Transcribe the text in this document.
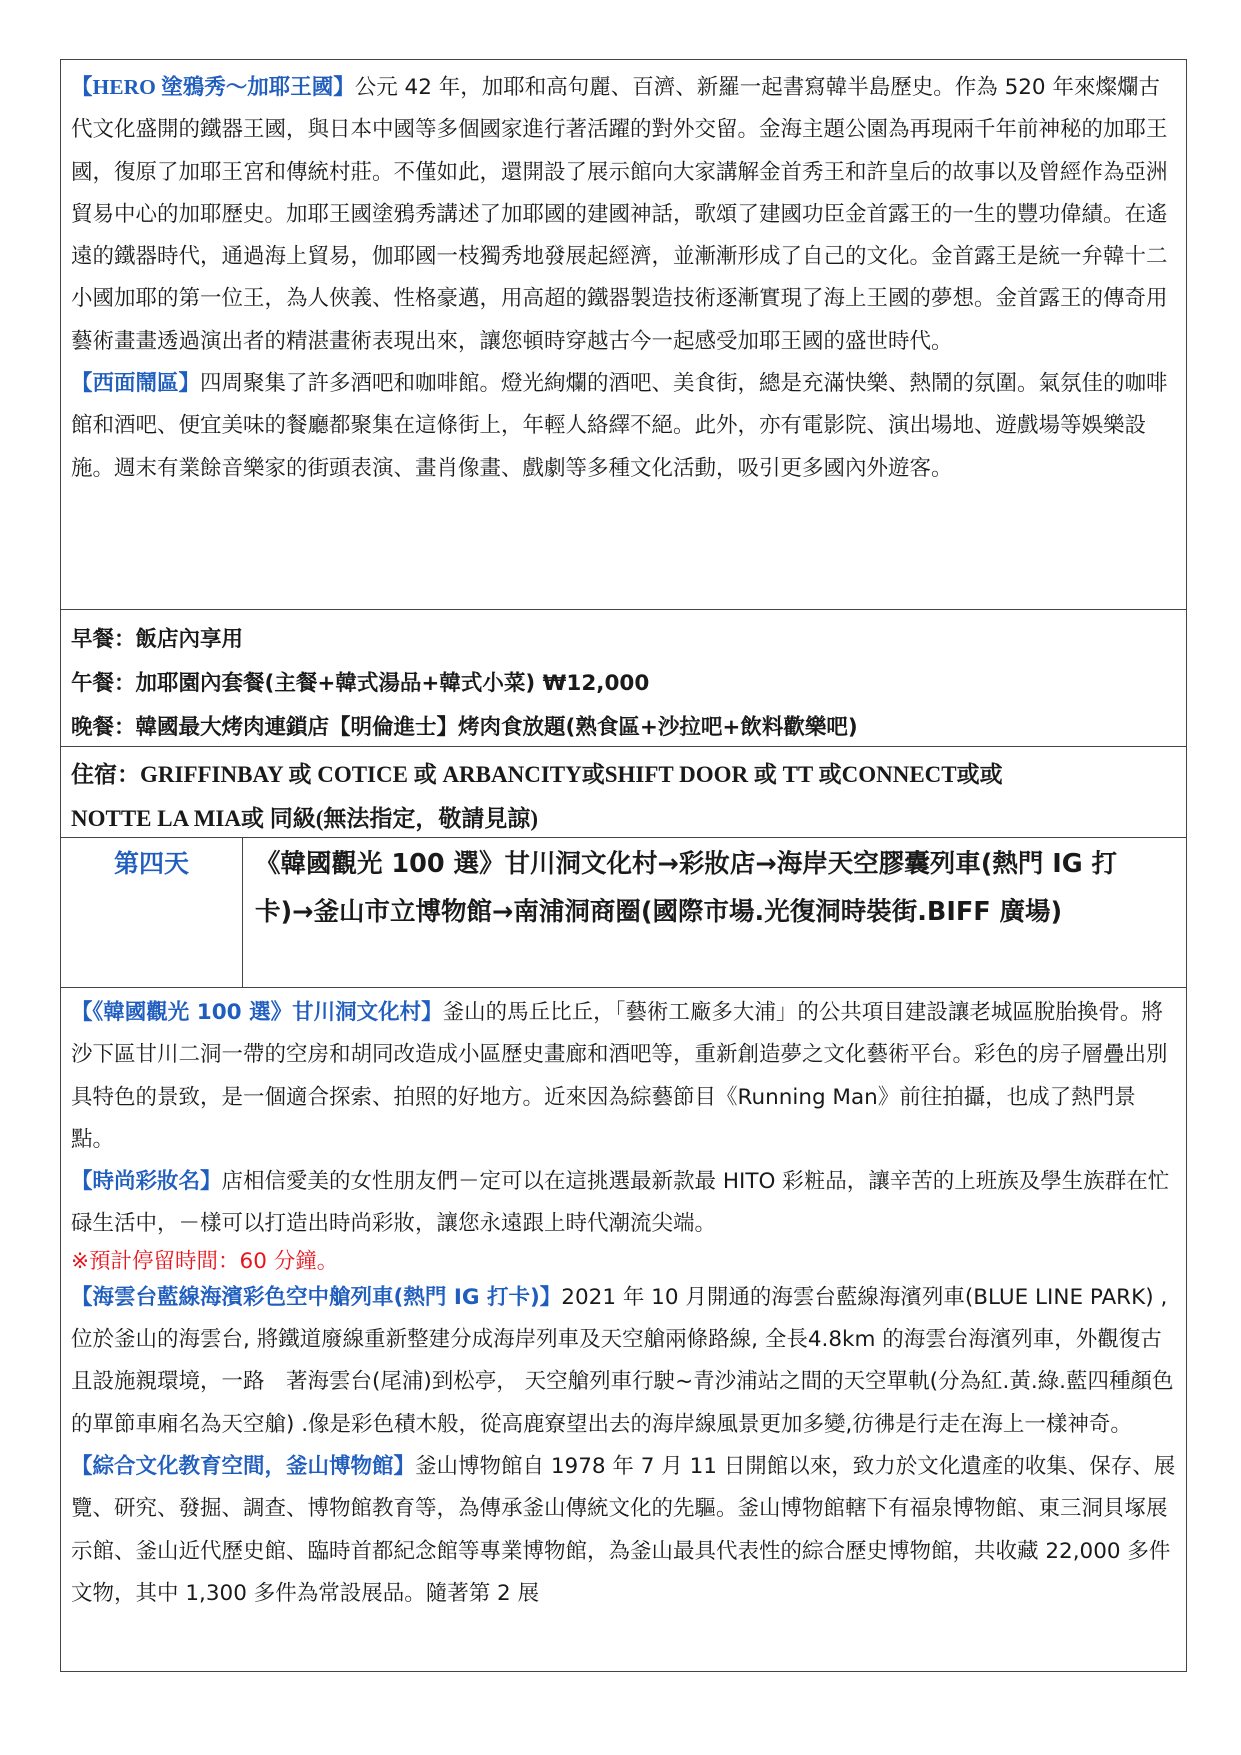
【HERO 塗鴉秀～加耶王國】公元 42 年，加耶和高句麗、百濟、新羅一起書寫韓半島歷史。作為 520 年來燦爛古代文化盛開的鐵器王國，與日本中國等多個國家進行著活躍的對外交留。金海主題公園為再現兩千年前神秘的加耶王國，復原了加耶王宮和傳統村莊。不僅如此，還開設了展示館向大家講解金首秀王和許皇后的故事以及曾經作為亞洲貿易中心的加耶歷史。加耶王國塗鴉秀講述了加耶國的建國神話，歌頌了建國功臣金首露王的一生的豐功偉績。在遙遠的鐵器時代，通過海上貿易，伽耶國一枝獨秀地發展起經濟，並漸漸形成了自己的文化。金首露王是統一弁韓十二小國加耶的第一位王，為人俠義、性格豪邁，用高超的鐵器製造技術逐漸實現了海上王國的夢想。金首露王的傳奇用藝術畫畫透過演出者的精湛畫術表現出來，讓您頓時穿越古今一起感受加耶王國的盛世時代。

【西面鬧區】四周聚集了許多酒吧和咖啡館。燈光絢爛的酒吧、美食街，總是充滿快樂、熱鬧的氛圍。氣氛佳的咖啡館和酒吧、便宜美味的餐廳都聚集在這條街上，年輕人絡繹不絕。此外，亦有電影院、演出場地、遊戲場等娛樂設施。週末有業餘音樂家的街頭表演、畫肖像畫、戲劇等多種文化活動，吸引更多國內外遊客。

早餐：飯店內享用

午餐：加耶園內套餐(主餐+韓式湯品+韓式小菜) ₩12,000

晚餐：韓國最大烤肉連鎖店【明倫進士】烤肉食放題(熟食區+沙拉吧+飲料歡樂吧)

住宿：GRIFFINBAY 或 COTICE 或 ARBANCITY或SHIFT DOOR 或 TT 或CONNECT或或

NOTTE LA MIA或 同級(無法指定，敬請見諒)

第四天	《韓國觀光 100 選》甘川洞文化村→彩妝店→海岸天空膠囊列車(熱門 IG 打卡)→釜山市立博物館→南浦洞商圈(國際市場.光復洞時裝街.BIFF 廣場)

【《韓國觀光 100 選》甘川洞文化村】釜山的馬丘比丘，「藝術工廠多大浦」的公共項目建設讓老城區脫胎換骨。將沙下區甘川二洞一帶的空房和胡同改造成小區歷史畫廊和酒吧等，重新創造夢之文化藝術平台。彩色的房子層疊出別具特色的景致，是一個適合探索、拍照的好地方。近來因為綜藝節目《Running Man》前往拍攝，也成了熱門景點。

【時尚彩妝名】店相信愛美的女性朋友們－定可以在這挑選最新款最 HITO 彩粧品，讓辛苦的上班族及學生族群在忙碌生活中，－樣可以打造出時尚彩妝，讓您永遠跟上時代潮流尖端。

※預計停留時間：60 分鐘。

【海雲台藍線海濱彩色空中艙列車(熱門 IG 打卡)】2021 年 10 月開通的海雲台藍線海濱列車(BLUE LINE PARK) ,位於釜山的海雲台, 將鐵道廢線重新整建分成海岸列車及天空艙兩條路線, 全長4.8km 的海雲台海濱列車，外觀復古且設施親環境，一路　著海雲台(尾浦)到松亭， 天空艙列車行駛~青沙浦站之間的天空單軌(分為紅.黃.綠.藍四種顏色的單節車廂名為天空艙) .像是彩色積木般，從高鹿寮望出去的海岸線風景更加多變,彷彿是行走在海上一樣神奇。

【綜合文化教育空間，釜山博物館】釜山博物館自 1978 年 7 月 11 日開館以來，致力於文化遺產的收集、保存、展覽、研究、發掘、調查、博物館教育等，為傳承釜山傳統文化的先驅。釜山博物館轄下有福泉博物館、東三洞貝塚展示館、釜山近代歷史館、臨時首都紀念館等專業博物館，為釜山最具代表性的綜合歷史博物館，共收藏 22,000 多件文物，其中 1,300 多件為常設展品。隨著第 2 展
